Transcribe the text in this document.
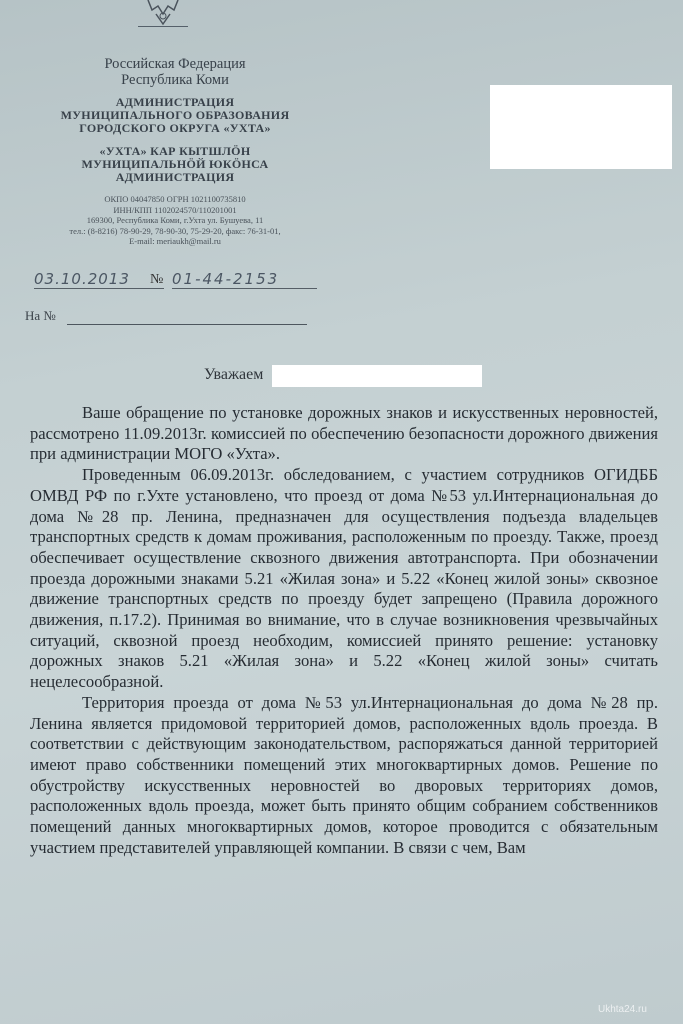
Российская Федерация
Республика Коми
АДМИНИСТРАЦИЯ
МУНИЦИПАЛЬНОГО ОБРАЗОВАНИЯ
ГОРОДСКОГО ОКРУГА «УХТА»
«УХТА» КАР КЫТШЛÖН
МУНИЦИПАЛЬНÖЙ ЮКÖНСА
АДМИНИСТРАЦИЯ
ОКПО 04047850 ОГРН 1021100735810
ИНН/КПП 1102024570/110201001
169300, Республика Коми, г.Ухта ул. Бушуева, 11
тел.: (8-8216) 78-90-29, 78-90-30, 75-29-20, факс: 76-31-01,
E-mail: meriaukh@mail.ru
03.10.2013	№ 01-44-2153
На №
Уважаем

Ваше обращение по установке дорожных знаков и искусственных неровностей, рассмотрено 11.09.2013г. комиссией по обеспечению безопасности дорожного движения при администрации МОГО «Ухта».

Проведенным 06.09.2013г. обследованием, с участием сотрудников ОГИДББ ОМВД РФ по г.Ухте установлено, что проезд от дома №53 ул.Интернациональная до дома №28 пр. Ленина, предназначен для осуществления подъезда владельцев транспортных средств к домам проживания, расположенным по проезду. Также, проезд обеспечивает осуществление сквозного движения автотранспорта. При обозначении проезда дорожными знаками 5.21 «Жилая зона» и 5.22 «Конец жилой зоны» сквозное движение транспортных средств по проезду будет запрещено (Правила дорожного движения, п.17.2). Принимая во внимание, что в случае возникновения чрезвычайных ситуаций, сквозной проезд необходим, комиссией принято решение: установку дорожных знаков 5.21 «Жилая зона» и 5.22 «Конец жилой зоны» считать нецелесообразной.

Территория проезда от дома №53 ул.Интернациональная до дома №28 пр. Ленина является придомовой территорией домов, расположенных вдоль проезда. В соответствии с действующим законодательством, распоряжаться данной территорией имеют право собственники помещений этих многоквартирных домов. Решение по обустройству искусственных неровностей во дворовых территориях домов, расположенных вдоль проезда, может быть принято общим собранием собственников помещений данных многоквартирных домов, которое проводится с обязательным участием представителей управляющей компании. В связи с чем, Вам

Ukhta24.ru
